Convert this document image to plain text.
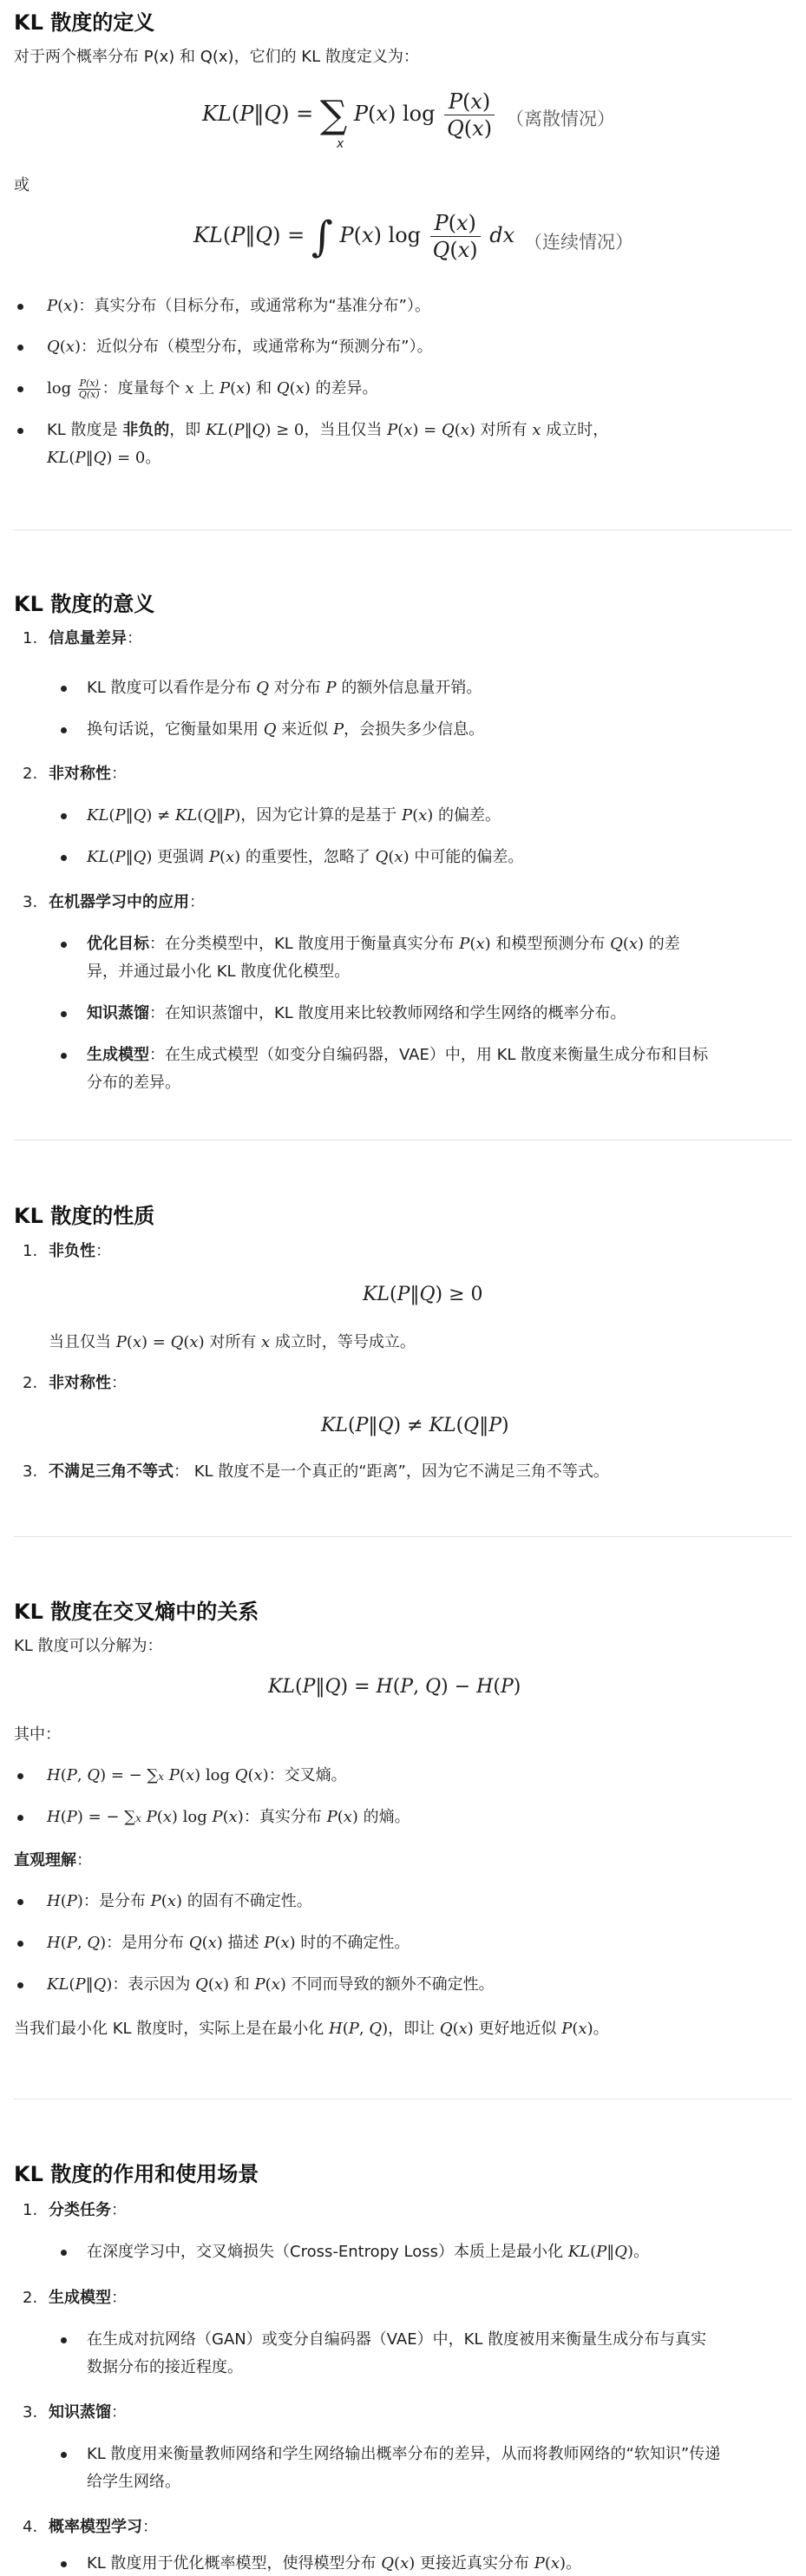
KL 散度的定义
对于两个概率分布 P(x) 和 Q(x)，它们的 KL 散度定义为：
KL(P‖Q) = ∑ P(x) $\log \frac{P(x)}{Q(x)}$
x
（离散情况）
或
KL(P‖Q) = ∫ P(x) $\log \frac{P(x)}{Q(x)}$ dx （连续情况）
P(x)：真实分布（目标分布，或通常称为“基准分布”）。
Q(x)：近似分布（模型分布，或通常称为“预测分布”）。
$\log \frac{P(x)}{Q(x)}$ ：度量每个 x 上 P(x) 和 Q(x) 的差异。
KL 散度是 非负的，即 KL(P‖Q) ≥ 0，当且仅当 P(x) = Q(x) 对所有 x 成立时，
KL(P‖Q) = 0。
KL 散度的意义
1. 信息量差异：
KL 散度可以看作是分布 Q 对分布 P 的额外信息量开销。
换句话说，它衡量如果用 Q 来近似 P，会损失多少信息。
2. 非对称性：
KL(P‖Q) ≠ KL(Q‖P)，因为它计算的是基于 P(x) 的偏差。
KL(P‖Q) 更强调 P(x) 的重要性，忽略了 Q(x) 中可能的偏差。
3. 在机器学习中的应用：
优化目标：在分类模型中，KL 散度用于衡量真实分布 P(x) 和模型预测分布 Q(x) 的差
异，并通过最小化 KL 散度优化模型。
知识蒸馏：在知识蒸馏中，KL 散度用来比较教师网络和学生网络的概率分布。
生成模型：在生成式模型（如变分自编码器，VAE）中，用 KL 散度来衡量生成分布和目标
分布的差异。
KL 散度的性质
1. 非负性：
KL(P‖Q) ≥ 0
当且仅当 P(x) = Q(x) 对所有 x 成立时，等号成立。
2. 非对称性：
KL(P‖Q) ≠ KL(Q‖P)
3. 不满足三角不等式： KL 散度不是一个真正的“距离”，因为它不满足三角不等式。
KL 散度在交叉熵中的关系
KL 散度可以分解为：
KL(P‖Q) = H(P, Q) − H(P)
其中：
H(P, Q) = − ∑x P(x) log Q(x)：交叉熵。
H(P) = − ∑x P(x) log P(x)：真实分布 P(x) 的熵。
直观理解：
H(P)：是分布 P(x) 的固有不确定性。
H(P, Q)：是用分布 Q(x) 描述 P(x) 时的不确定性。
KL(P‖Q)：表示因为 Q(x) 和 P(x) 不同而导致的额外不确定性。
当我们最小化 KL 散度时，实际上是在最小化 H(P, Q)，即让 Q(x) 更好地近似 P(x)。
KL 散度的作用和使用场景
1. 分类任务：
在深度学习中，交叉熵损失（Cross-Entropy Loss）本质上是最小化 KL(P‖Q)。
2. 生成模型：
在生成对抗网络（GAN）或变分自编码器（VAE）中，KL 散度被用来衡量生成分布与真实
数据分布的接近程度。
3. 知识蒸馏：
KL 散度用来衡量教师网络和学生网络输出概率分布的差异，从而将教师网络的“软知识”传递
给学生网络。
4. 概率模型学习：
KL 散度用于优化概率模型，使得模型分布 Q(x) 更接近真实分布 P(x)。
